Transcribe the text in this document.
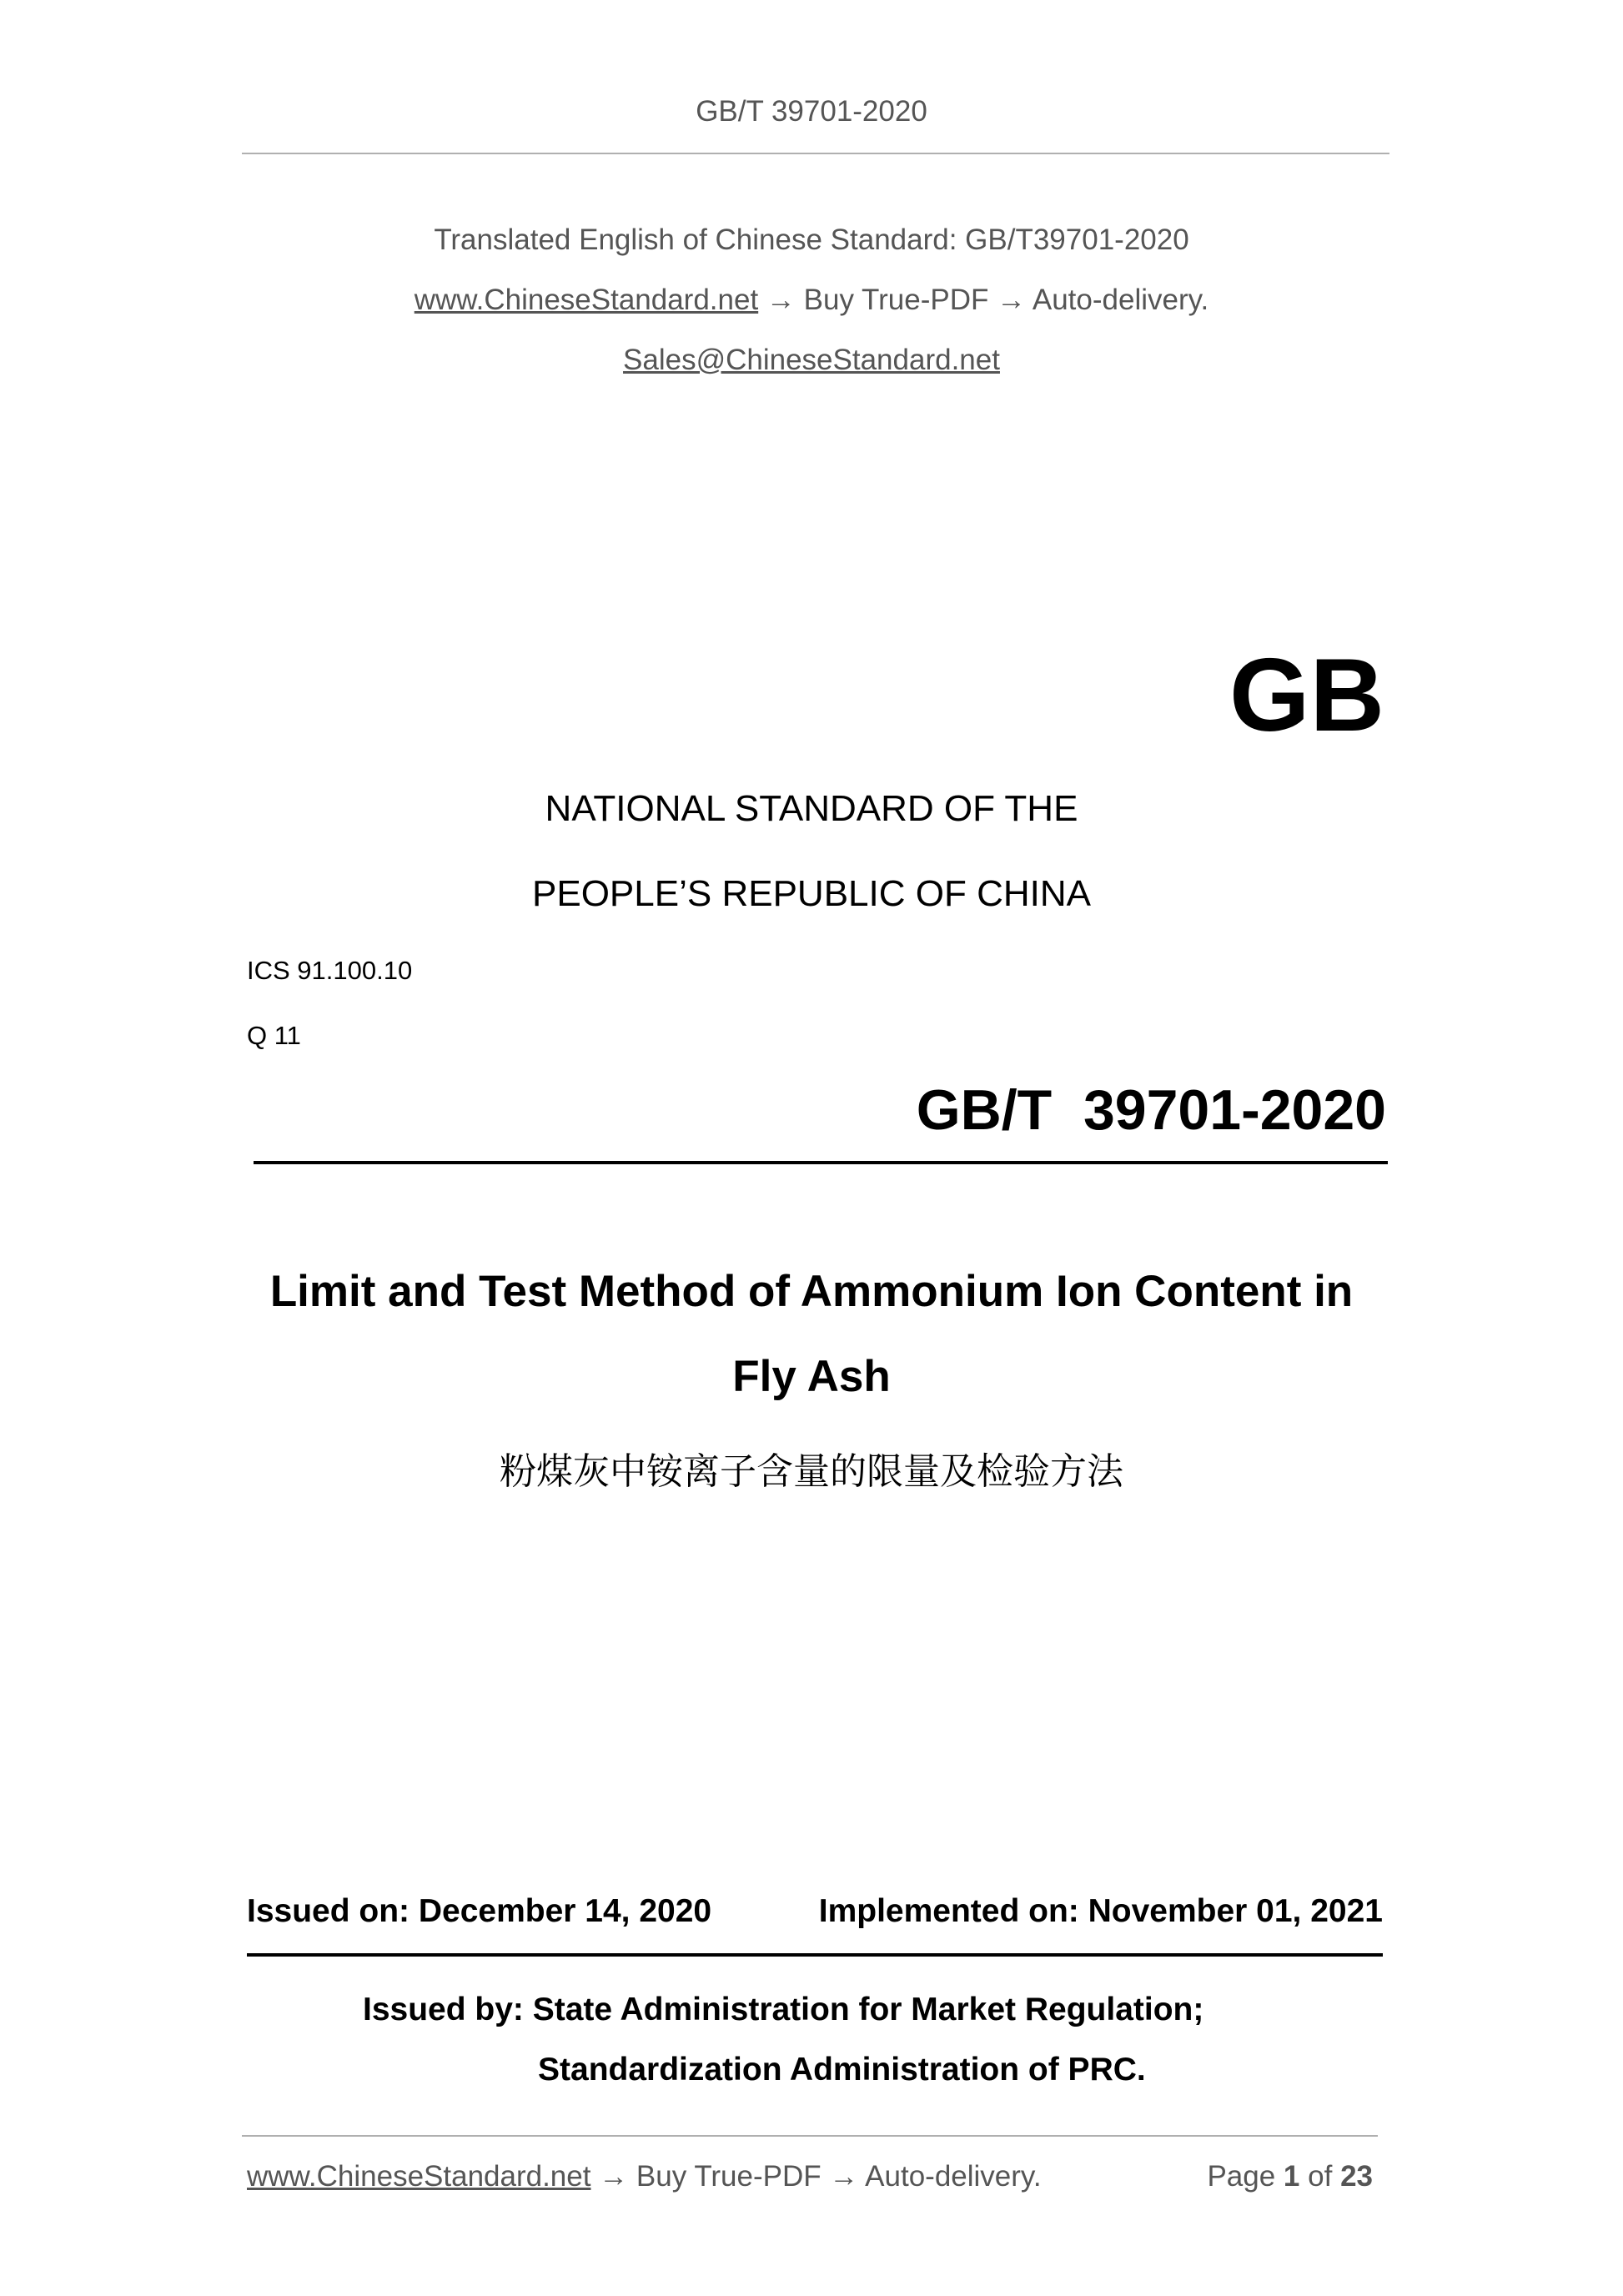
GB/T 39701-2020
Translated English of Chinese Standard: GB/T39701-2020
www.ChineseStandard.net → Buy True-PDF → Auto-delivery.
Sales@ChineseStandard.net
GB
NATIONAL STANDARD OF THE
PEOPLE’S REPUBLIC OF CHINA
ICS 91.100.10
Q 11
GB/T  39701-2020
Limit and Test Method of Ammonium Ion Content in
Fly Ash
粉煤灰中铵离子含量的限量及检验方法
Issued on: December 14, 2020	Implemented on: November 01, 2021
Issued by: State Administration for Market Regulation;
Standardization Administration of PRC.
www.ChineseStandard.net → Buy True-PDF → Auto-delivery.	Page 1 of 23
